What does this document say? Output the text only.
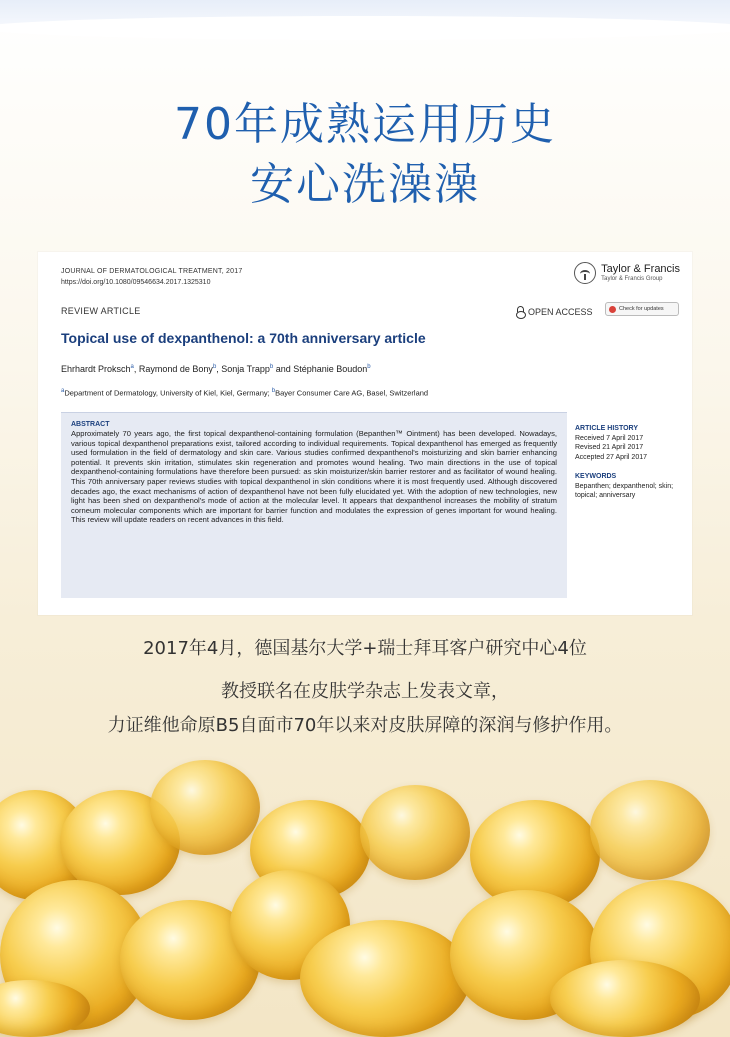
70年成熟运用历史
安心洗澡澡
JOURNAL OF DERMATOLOGICAL TREATMENT, 2017
https://doi.org/10.1080/09546634.2017.1325310
Taylor & Francis
Taylor & Francis Group
REVIEW ARTICLE	OPEN ACCESS	Check for updates
Topical use of dexpanthenol: a 70th anniversary article
Ehrhardt Proksch$^a$, Raymond de Bony$^b$, Sonja Trapp$^b$ and Stéphanie Boudon$^b$
$^a$Department of Dermatology, University of Kiel, Kiel, Germany; $^b$Bayer Consumer Care AG, Basel, Switzerland
ABSTRACT
Approximately 70 years ago, the first topical dexpanthenol-containing formulation (Bepanthen™ Ointment) has been developed. Nowadays, various topical dexpanthenol preparations exist, tailored according to individual requirements. Topical dexpanthenol has emerged as frequently used formulation in the field of dermatology and skin care. Various studies confirmed dexpanthenol's moisturizing and skin barrier enhancing potential. It prevents skin irritation, stimulates skin regeneration and promotes wound healing. Two main directions in the use of topical dexpanthenol-containing formulations have therefore been pursued: as skin moisturizer/skin barrier restorer and as facilitator of wound healing. This 70th anniversary paper reviews studies with topical dexpanthenol in skin conditions where it is most frequently used. Although discovered decades ago, the exact mechanisms of action of dexpanthenol have not been fully elucidated yet. With the adoption of new technologies, new light has been shed on dexpanthenol's mode of action at the molecular level. It appears that dexpanthenol increases the mobility of stratum corneum molecular components which are important for barrier function and modulates the expression of genes important for wound healing. This review will update readers on recent advances in this field.
ARTICLE HISTORY
Received 7 April 2017
Revised 21 April 2017
Accepted 27 April 2017
KEYWORDS
Bepanthen; dexpanthenol; skin; topical; anniversary
2017年4月，德国基尔大学+瑞士拜耳客户研究中心4位
教授联名在皮肤学杂志上发表文章，
力证维他命原B5自面市70年以来对皮肤屏障的深润与修护作用。
